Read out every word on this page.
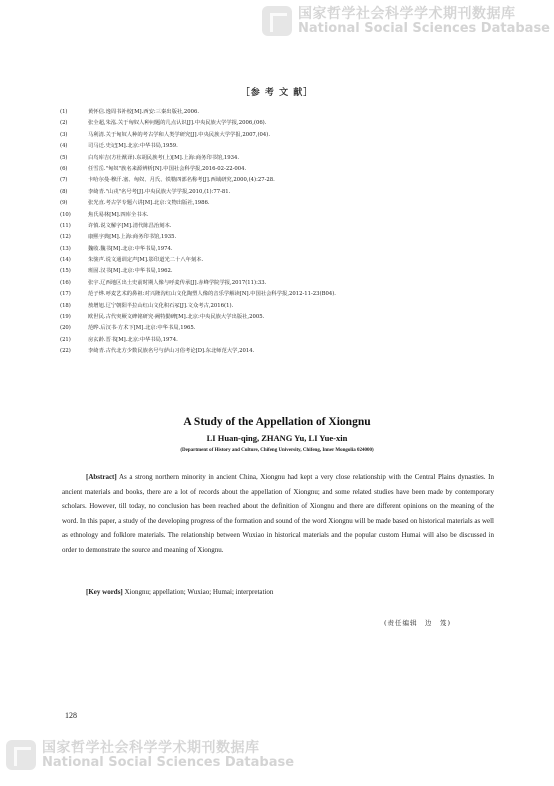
国家哲学社会科学学术期刊数据库
National Social Sciences Database
［参 考 文 献］
(1)	黄怀信.逸周书补校[M].西安:三秦出版社,2006.
(2)	张全超,朱泓.关于匈奴人种问题的几点认识[J].中央民族大学学报,2006,(06).
(3)	马利清.关于匈奴人种的考古学和人类学研究[J].中央民族大学学报,2007,(04).
(4)	司马迁.史记[M].北京:中华书局,1959.
(5)	白鸟库吉(方壮猷译).东胡民族考(上)[M].上海:商务印书馆,1934.
(6)	任雪岳."匈奴"族名来源辨析[N].中国社会科学报,2016-02-22-004.
(7)	卡哈尔曼·穆汗.塞、匈奴、月氏、铁勒四部名称考[J].西域研究,2000,(4):27-28.
(8)	李绮青."山戎"名号考[J].中央民族大学学报,2010,(1):77-81.
(9)	张光直.考古学专题六讲[M].北京:文物出版社,1986.
(10)	焦氏易林[M].四库全书本.
(11)	许慎.说文解字[M].清代陈昌治刻本.
(12)	康熙字典[M].上海:商务印书馆,1935.
(13)	魏收.魏书[M].北京:中华书局,1974.
(14)	朱骏声.说文通训定声[M].影印道光二十八年刻本.
(15)	班固.汉书[M].北京:中华书局,1962.
(16)	张宇.辽西地区出土史前时期人像与呼麦传承[J].赤峰学院学报,2017(11):33.
(17)	范子烨.呼麦艺术的鼻祖:对兴隆沟红山文化陶塑人像的音乐学解读[N].中国社会科学报,2012-11-23(B04).
(18)	敖增旭.辽宁朝阳半拉山红山文化积石冢[J].文众考古,2016(1).
(19)	欧世民.古代突厥文碑铭研究·阙特勤碑[M].北京:中央民族大学出版社,2005.
(20)	范晔.后汉书·方术下[M].北京:中华书局,1965.
(21)	房玄龄.晋书[M].北京:中华书局,1974.
(22)	李绮青.古代北方少数民族名号与萨山习俗考论[D].东北师范大学,2014.
A Study of the Appellation of Xiongnu
LI Huan-qing, ZHANG Yu, LI Yue-xin
(Department of History and Culture, Chifeng University, Chifeng, Inner Mongolia 024000)

[Abstract] As a strong northern minority in ancient China, Xiongnu had kept a very close relationship with the Central Plains dynasties. In ancient materials and books, there are a lot of records about the appellation of Xiongnu; and some related studies have been made by contemporary scholars. However, till today, no conclusion has been reached about the definition of Xiongnu and there are different opinions on the meaning of the word. In this paper, a study of the developing progress of the formation and sound of the word Xiongnu will be made based on historical materials as well as ethnology and folklore materials. The relationship between Wuxiao in historical materials and the popular custom Humai will also be discussed in order to demonstrate the source and meaning of Xiongnu.

[Key words] Xiongnu; appellation; Wuxiao; Humai; interpretation

(责任编辑　边　笈)
128
国家哲学社会科学学术期刊数据库
National Social Sciences Database
